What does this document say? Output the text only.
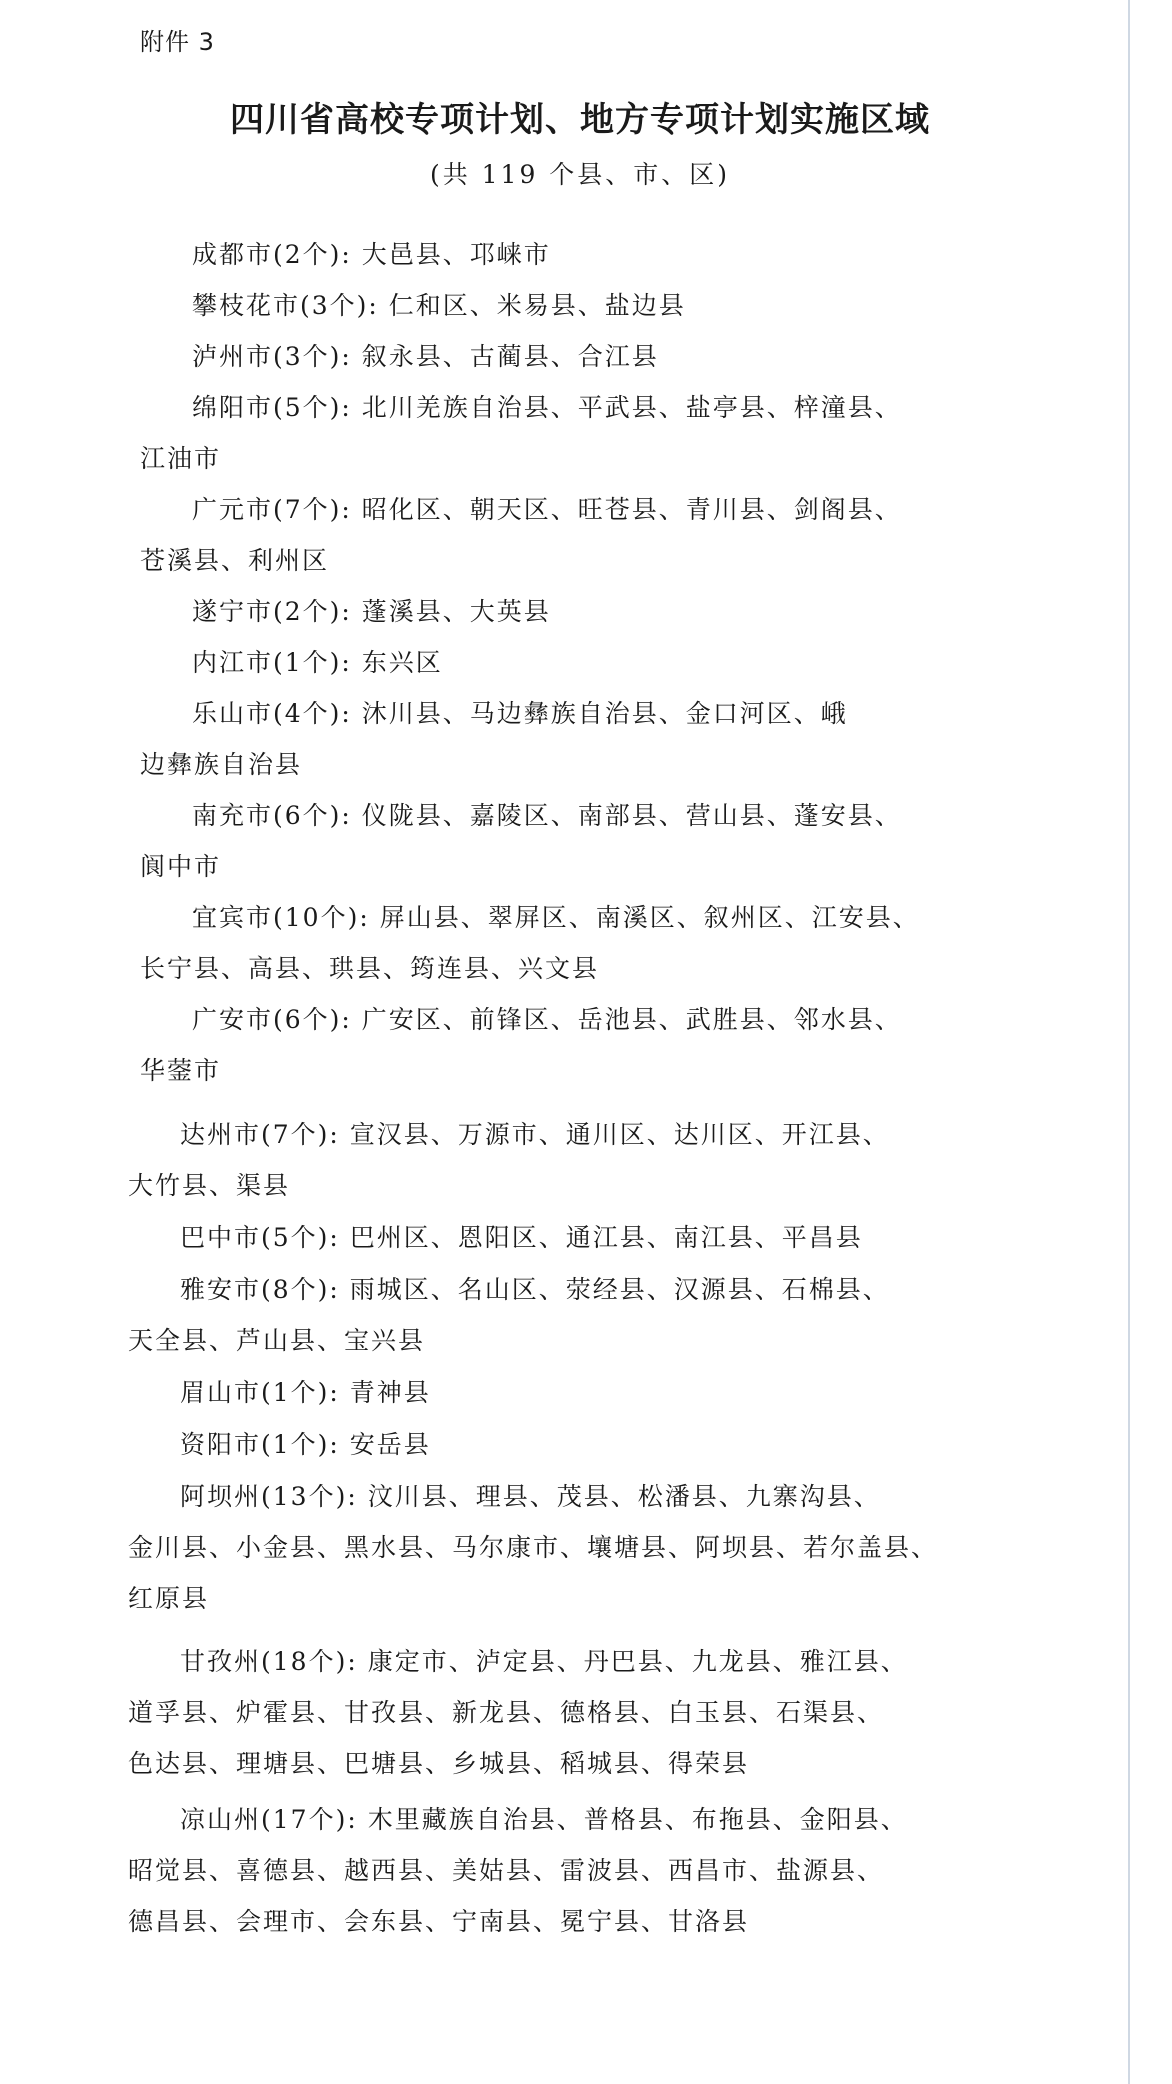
附件 3
四川省高校专项计划、地方专项计划实施区域
(共 119 个县、市、区)
成都市(2个): 大邑县、邛崃市
攀枝花市(3个): 仁和区、米易县、盐边县
泸州市(3个): 叙永县、古蔺县、合江县
绵阳市(5个): 北川羌族自治县、平武县、盐亭县、梓潼县、
江油市
广元市(7个): 昭化区、朝天区、旺苍县、青川县、剑阁县、
苍溪县、利州区
遂宁市(2个): 蓬溪县、大英县
内江市(1个): 东兴区
乐山市(4个): 沐川县、马边彝族自治县、金口河区、峨
边彝族自治县
南充市(6个): 仪陇县、嘉陵区、南部县、营山县、蓬安县、
阆中市
宜宾市(10个): 屏山县、翠屏区、南溪区、叙州区、江安县、
长宁县、高县、珙县、筠连县、兴文县
广安市(6个): 广安区、前锋区、岳池县、武胜县、邻水县、
华蓥市
达州市(7个): 宣汉县、万源市、通川区、达川区、开江县、
大竹县、渠县
巴中市(5个): 巴州区、恩阳区、通江县、南江县、平昌县
雅安市(8个): 雨城区、名山区、荥经县、汉源县、石棉县、
天全县、芦山县、宝兴县
眉山市(1个): 青神县
资阳市(1个): 安岳县
阿坝州(13个): 汶川县、理县、茂县、松潘县、九寨沟县、
金川县、小金县、黑水县、马尔康市、壤塘县、阿坝县、若尔盖县、
红原县
甘孜州(18个): 康定市、泸定县、丹巴县、九龙县、雅江县、
道孚县、炉霍县、甘孜县、新龙县、德格县、白玉县、石渠县、
色达县、理塘县、巴塘县、乡城县、稻城县、得荣县
凉山州(17个): 木里藏族自治县、普格县、布拖县、金阳县、
昭觉县、喜德县、越西县、美姑县、雷波县、西昌市、盐源县、
德昌县、会理市、会东县、宁南县、冕宁县、甘洛县
